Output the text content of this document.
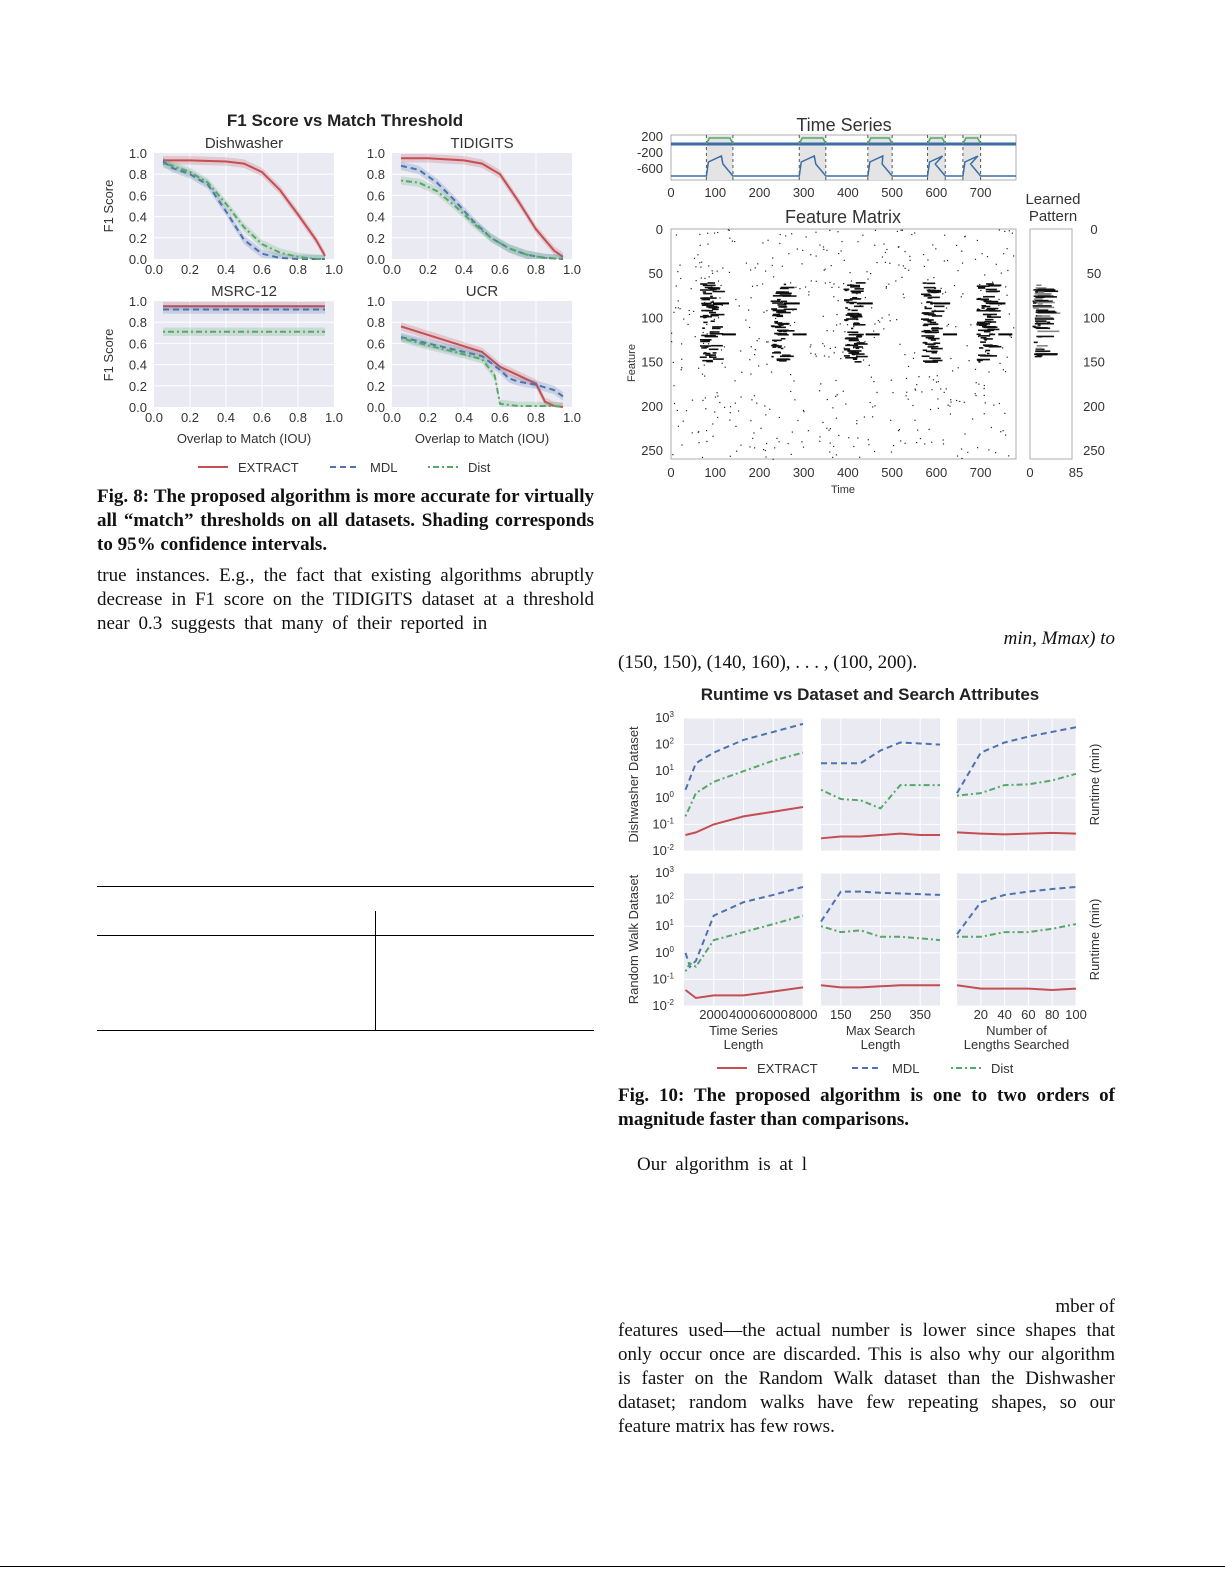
F1 Score vs Match Threshold
Dishwasher
0.0
0.2
0.4
0.6
0.8
1.0
0.0 0.2 0.4 0.6 0.8 1.0
TIDIGITS
0.0
0.2
0.4
0.6
0.8
1.0
0.0 0.2 0.4 0.6 0.8 1.0
MSRC-12
0.0
0.2
0.4
0.6
0.8
1.0
0.0 0.2 0.4 0.6 0.8 1.0
UCR
0.0
0.2
0.4
0.6
0.8
1.0
0.0 0.2 0.4 0.6 0.8 1.0
EXTRACT	MDL	Dist
F1 Score
F1 Score
Overlap to Match (IOU)	Overlap to Match (IOU)
Fig. 8: The proposed algorithm is more accurate for virtually all “match” thresholds on all datasets. Shading corresponds to 95% confidence intervals.
true instances. E.g., the fact that existing algorithms abruptly
decrease in F1 score on the TIDIGITS dataset at a threshold
near 0.3 suggests that many of their reported in
Time Series
200
-200
-600
0 100 200 300 400 500 600 700
Feature Matrix
Learned
Pattern
0	0
50	50
100	100
150	150
200	200
250	250
0 100 200 300 400 500 600 700	0	85
Feature
Time
min, Mmax) to
(150, 150), (140, 160), . . . , (100, 200).
Runtime vs Dataset and Search Attributes
$10^{-2}$
$10^{-1}$
$10^0$
$10^1$
$10^2$
$10^3$
$10^{-2}$
$10^{-1}$
$10^0$
$10^1$
$10^2$
$10^3$
2000 4000 6000 8000 150 250 350	20 40 60 80 100
EXTRACT	MDL	Dist
Dishwasher Dataset	Runtime (min)
Random Walk Dataset	Runtime (min)
Time Series
Length
Max Search
Length
Number of
Lengths Searched
Fig. 10: The proposed algorithm is one to two orders of magnitude faster than comparisons.
Our algorithm is at l
mber of
features used—the actual number is lower since shapes that
only occur once are discarded. This is also why our algorithm
is faster on the Random Walk dataset than the Dishwasher
dataset; random walks have few repeating shapes, so our
feature matrix has few rows.
